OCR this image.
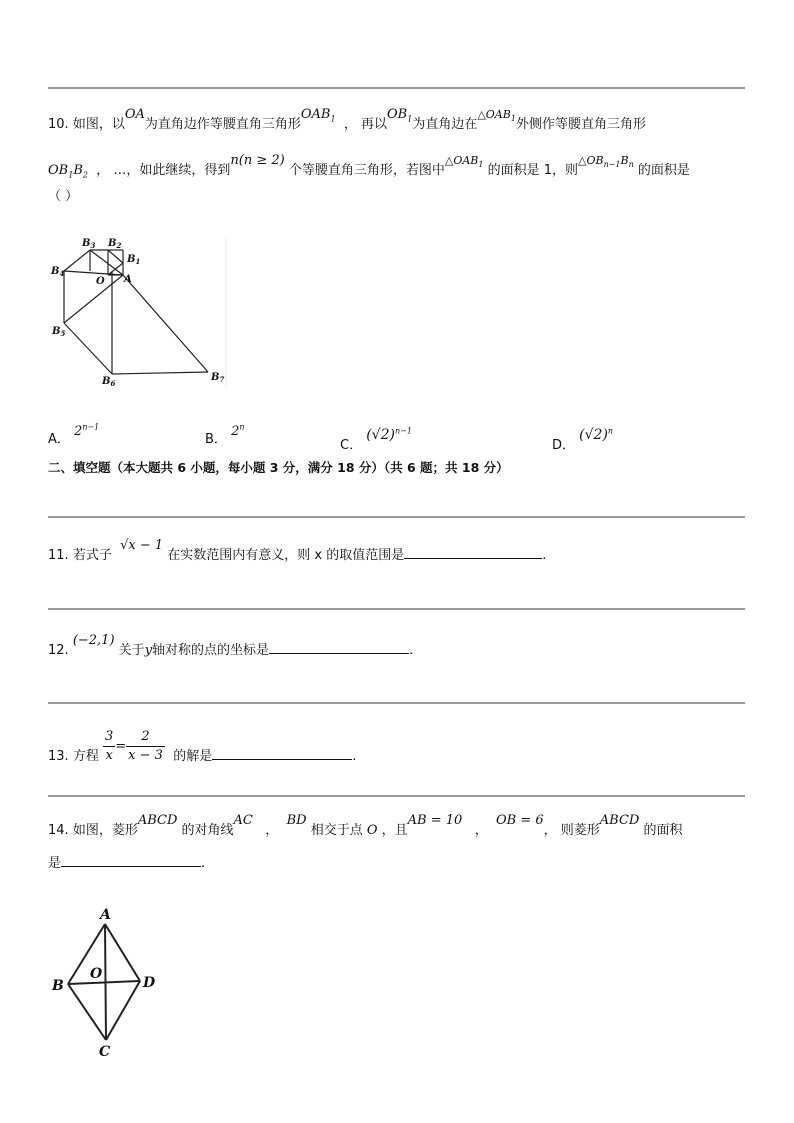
10. 如图，以OA为直角边作等腰直角三角形$OAB_1$ ， 再以$OB_1$为直角边在$^{\triangle OAB_1}$外侧作等腰直角三角形
$OB_1B_2$ ， …，如此继续，得到n(n ≥ 2) 个等腰直角三角形，若图中$^{\triangle OAB_1}$ 的面积是 1，则$^{\triangle OB_{n-1}B_n}$ 的面积是
（ ）
$B_3$ $B_2$
$B_1$
$B_4$
O A
$B_5$
$B_6$
$B_7$
A． $2^{n-1}$
B． 2$^n$
C． $(√2)^{n-1}$
D． $(√2)^n$
二、填空题（本大题共 6 小题，每小题 3 分，满分 18 分）（共 6 题；共 18 分）
11. 若式子  √x − 1 在实数范围内有意义，则 x 的取值范围是	.
12. (−2,1) 关于y轴对称的点的坐标是	.
13. 方程 $\frac{3}{x} = \frac{2}{x - 3}$ 的解是	.
14. 如图，菱形ABCD 的对角线AC   ，  BD 相交于点 O ，且AB = 10   ，  OB = 6， 则菱形ABCD 的面积
是	.
A
B
O
D
C
